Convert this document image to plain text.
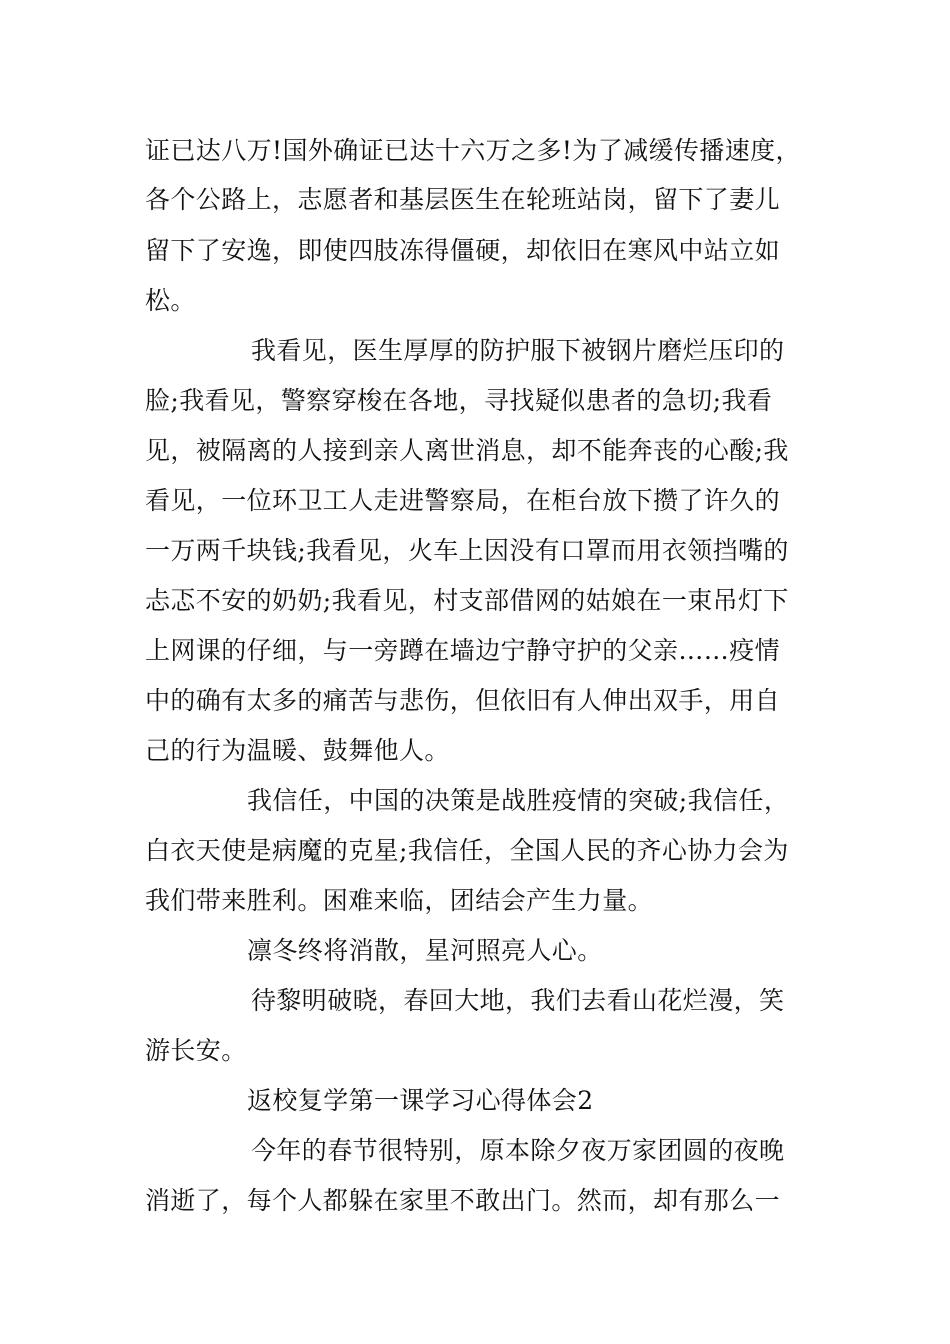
证已达八万!国外确证已达十六万之多!为了减缓传播速度，
各个公路上，志愿者和基层医生在轮班站岗，留下了妻儿
留下了安逸，即使四肢冻得僵硬，却依旧在寒风中站立如
松。
我看见，医生厚厚的防护服下被钢片磨烂压印的
脸;我看见，警察穿梭在各地，寻找疑似患者的急切;我看
见，被隔离的人接到亲人离世消息，却不能奔丧的心酸;我
看见，一位环卫工人走进警察局，在柜台放下攒了许久的
一万两千块钱;我看见，火车上因没有口罩而用衣领挡嘴的
忐忑不安的奶奶;我看见，村支部借网的姑娘在一束吊灯下
上网课的仔细，与一旁蹲在墙边宁静守护的父亲……疫情
中的确有太多的痛苦与悲伤，但依旧有人伸出双手，用自
己的行为温暖、鼓舞他人。
我信任，中国的决策是战胜疫情的突破;我信任，
白衣天使是病魔的克星;我信任，全国人民的齐心协力会为
我们带来胜利。困难来临，团结会产生力量。
凛冬终将消散，星河照亮人心。
待黎明破晓，春回大地，我们去看山花烂漫，笑
游长安。
返校复学第一课学习心得体会2
今年的春节很特别，原本除夕夜万家团圆的夜晚
消逝了，每个人都躲在家里不敢出门。然而，却有那么一
